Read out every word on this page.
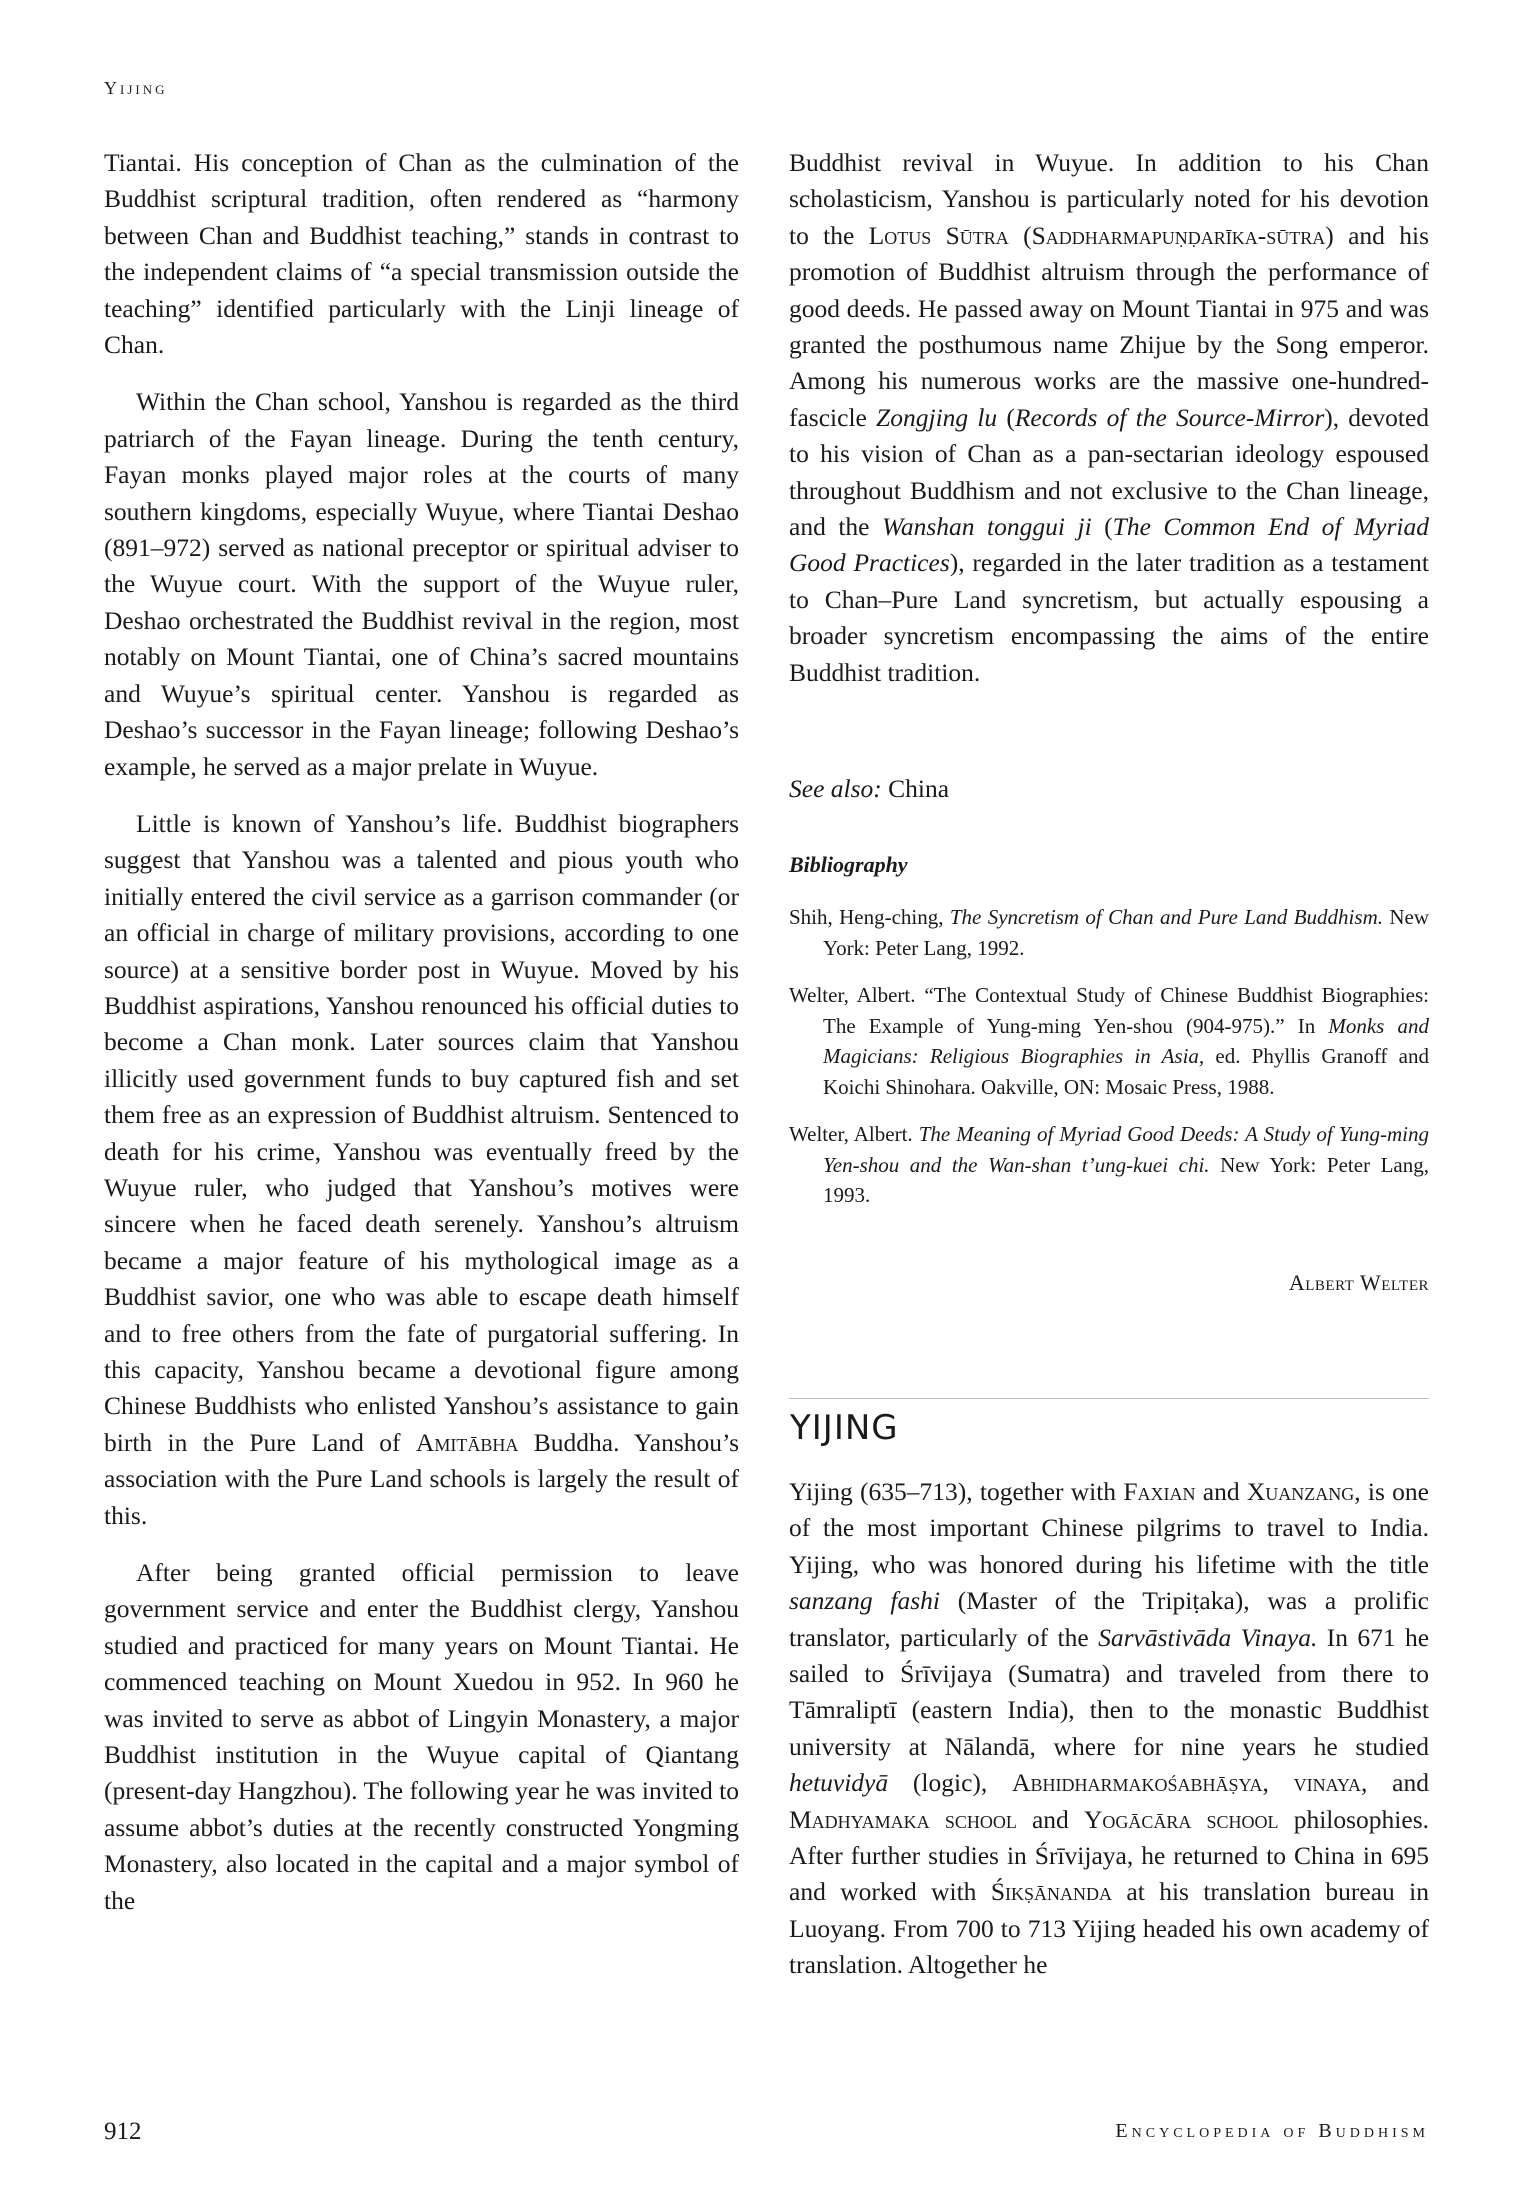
Yijing

Tiantai. His conception of Chan as the culmination of the Buddhist scriptural tradition, often rendered as “harmony between Chan and Buddhist teaching,” stands in contrast to the independent claims of “a special transmission outside the teaching” identified particularly with the Linji lineage of Chan.

Within the Chan school, Yanshou is regarded as the third patriarch of the Fayan lineage. During the tenth century, Fayan monks played major roles at the courts of many southern kingdoms, especially Wuyue, where Tiantai Deshao (891–972) served as national preceptor or spiritual adviser to the Wuyue court. With the support of the Wuyue ruler, Deshao orchestrated the Buddhist revival in the region, most notably on Mount Tiantai, one of China’s sacred mountains and Wuyue’s spiritual center. Yanshou is regarded as Deshao’s successor in the Fayan lineage; following Deshao’s example, he served as a major prelate in Wuyue.

Little is known of Yanshou’s life. Buddhist biographers suggest that Yanshou was a talented and pious youth who initially entered the civil service as a garrison commander (or an official in charge of military provisions, according to one source) at a sensitive border post in Wuyue. Moved by his Buddhist aspirations, Yanshou renounced his official duties to become a Chan monk. Later sources claim that Yanshou illicitly used government funds to buy captured fish and set them free as an expression of Buddhist altruism. Sentenced to death for his crime, Yanshou was eventually freed by the Wuyue ruler, who judged that Yanshou’s motives were sincere when he faced death serenely. Yanshou’s altruism became a major feature of his mythological image as a Buddhist savior, one who was able to escape death himself and to free others from the fate of purgatorial suffering. In this capacity, Yanshou became a devotional figure among Chinese Buddhists who enlisted Yanshou’s assistance to gain birth in the Pure Land of Amitābha Buddha. Yanshou’s association with the Pure Land schools is largely the result of this.

After being granted official permission to leave government service and enter the Buddhist clergy, Yanshou studied and practiced for many years on Mount Tiantai. He commenced teaching on Mount Xuedou in 952. In 960 he was invited to serve as abbot of Lingyin Monastery, a major Buddhist institution in the Wuyue capital of Qiantang (present-day Hangzhou). The following year he was invited to assume abbot’s duties at the recently constructed Yongming Monastery, also located in the capital and a major symbol of the

Buddhist revival in Wuyue. In addition to his Chan scholasticism, Yanshou is particularly noted for his devotion to the Lotus Sūtra (Saddharmapuṇḍarīka-sūtra) and his promotion of Buddhist altruism through the performance of good deeds. He passed away on Mount Tiantai in 975 and was granted the posthumous name Zhijue by the Song emperor. Among his numerous works are the massive one-hundred-fascicle Zongjing lu (Records of the Source-Mirror), devoted to his vision of Chan as a pan-sectarian ideology espoused throughout Buddhism and not exclusive to the Chan lineage, and the Wanshan tonggui ji (The Common End of Myriad Good Practices), regarded in the later tradition as a testament to Chan–Pure Land syncretism, but actually espousing a broader syncretism encompassing the aims of the entire Buddhist tradition.

See also: China
Bibliography

Shih, Heng-ching, The Syncretism of Chan and Pure Land Buddhism. New York: Peter Lang, 1992.

Welter, Albert. “The Contextual Study of Chinese Buddhist Biographies: The Example of Yung-ming Yen-shou (904-975).” In Monks and Magicians: Religious Biographies in Asia, ed. Phyllis Granoff and Koichi Shinohara. Oakville, ON: Mosaic Press, 1988.

Welter, Albert. The Meaning of Myriad Good Deeds: A Study of Yung-ming Yen-shou and the Wan-shan t’ung-kuei chi. New York: Peter Lang, 1993.

Albert Welter
YIJING

Yijing (635–713), together with Faxian and Xuanzang, is one of the most important Chinese pilgrims to travel to India. Yijing, who was honored during his lifetime with the title sanzang fashi (Master of the Tripiṭaka), was a prolific translator, particularly of the Sarvāstivāda Vinaya. In 671 he sailed to Śrīvijaya (Sumatra) and traveled from there to Tāmraliptī (eastern India), then to the monastic Buddhist university at Nālandā, where for nine years he studied hetuvidyā (logic), Abhidharmakośabhāṣya, vinaya, and Madhyamaka school and Yogācāra school philosophies. After further studies in Śrīvijaya, he returned to China in 695 and worked with Śikṣānanda at his translation bureau in Luoyang. From 700 to 713 Yijing headed his own academy of translation. Altogether he

912	Encyclopedia of Buddhism
